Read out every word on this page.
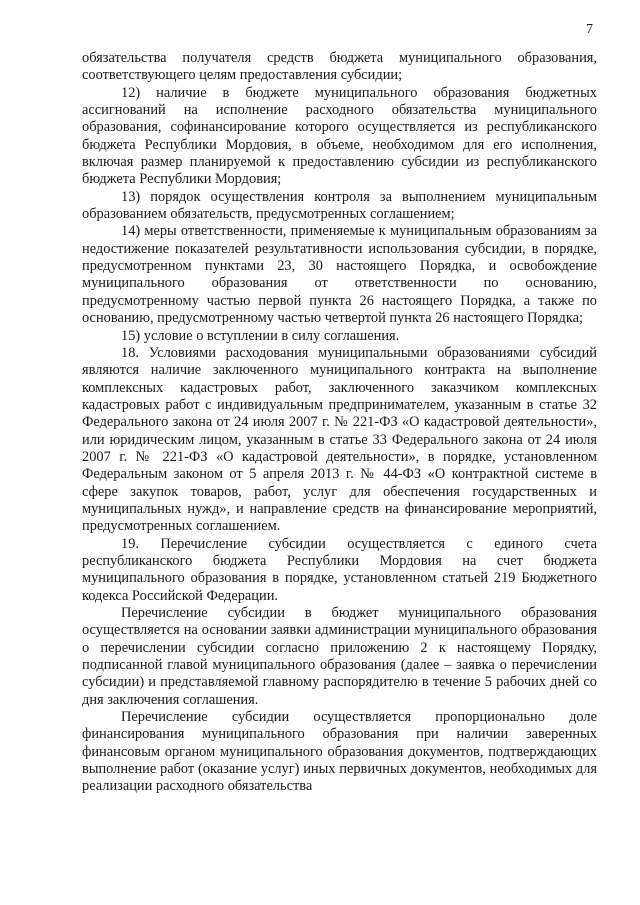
7

обязательства получателя средств бюджета муниципального образования, соответствующего целям предоставления субсидии;

12) наличие в бюджете муниципального образования бюджетных ассигнований на исполнение расходного обязательства муниципального образования, софинансирование которого осуществляется из республиканского бюджета Республики Мордовия, в объеме, необходимом для его исполнения, включая размер планируемой к предоставлению субсидии из республиканского бюджета Республики Мордовия;

13) порядок осуществления контроля за выполнением муниципальным образованием обязательств, предусмотренных соглашением;

14) меры ответственности, применяемые к муниципальным образованиям за недостижение показателей результативности использования субсидии, в порядке, предусмотренном пунктами 23, 30 настоящего Порядка, и освобождение муниципального образования от ответственности по основанию, предусмотренному частью первой пункта 26 настоящего Порядка, а также по основанию, предусмотренному частью четвертой пункта 26 настоящего Порядка;

15) условие о вступлении в силу соглашения.

18. Условиями расходования муниципальными образованиями субсидий являются наличие заключенного муниципального контракта на выполнение комплексных кадастровых работ, заключенного заказчиком комплексных кадастровых работ с индивидуальным предпринимателем, указанным в статье 32 Федерального закона от 24 июля 2007 г. № 221-ФЗ «О кадастровой деятельности», или юридическим лицом, указанным в статье 33 Федерального закона от 24 июля 2007 г. № 221-ФЗ «О кадастровой деятельности», в порядке, установленном Федеральным законом от 5 апреля 2013 г. № 44-ФЗ «О контрактной системе в сфере закупок товаров, работ, услуг для обеспечения государственных и муниципальных нужд», и направление средств на финансирование мероприятий, предусмотренных соглашением.

19. Перечисление субсидии осуществляется с единого счета республиканского бюджета Республики Мордовия на счет бюджета муниципального образования в порядке, установленном статьей 219 Бюджетного кодекса Российской Федерации.

Перечисление субсидии в бюджет муниципального образования осуществляется на основании заявки администрации муниципального образования о перечислении субсидии согласно приложению 2 к настоящему Порядку, подписанной главой муниципального образования (далее – заявка о перечислении субсидии) и представляемой главному распорядителю в течение 5 рабочих дней со дня заключения соглашения.

Перечисление субсидии осуществляется пропорционально доле финансирования муниципального образования при наличии заверенных финансовым органом муниципального образования документов, подтверждающих выполнение работ (оказание услуг) иных первичных документов, необходимых для реализации расходного обязательства
